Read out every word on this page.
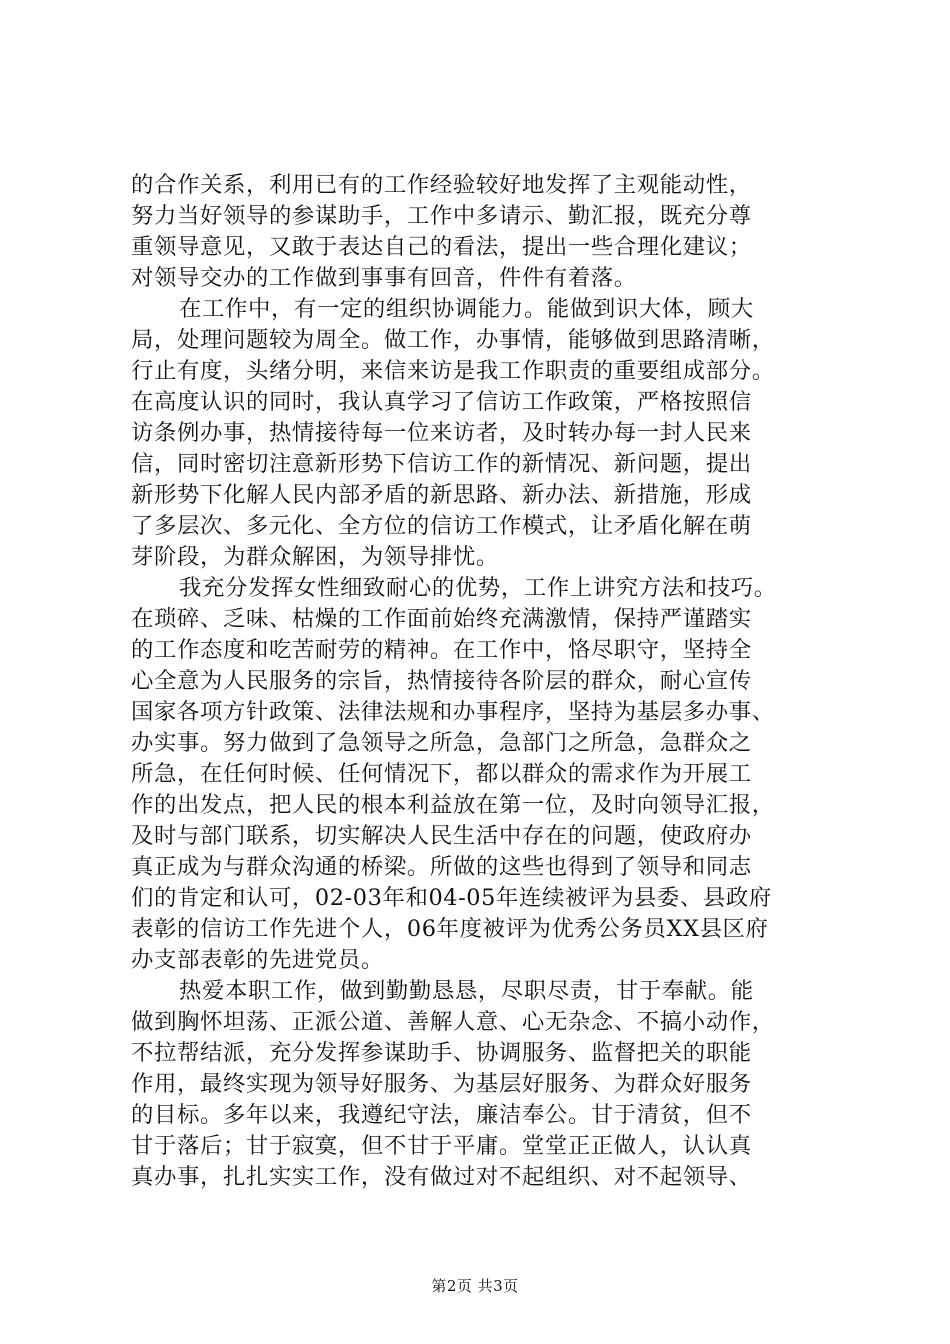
的合作关系，利用已有的工作经验较好地发挥了主观能动性，
努力当好领导的参谋助手，工作中多请示、勤汇报，既充分尊
重领导意见，又敢于表达自己的看法，提出一些合理化建议；
对领导交办的工作做到事事有回音，件件有着落。
在工作中，有一定的组织协调能力。能做到识大体，顾大
局，处理问题较为周全。做工作，办事情，能够做到思路清晰，
行止有度，头绪分明，来信来访是我工作职责的重要组成部分。
在高度认识的同时，我认真学习了信访工作政策，严格按照信
访条例办事，热情接待每一位来访者，及时转办每一封人民来
信，同时密切注意新形势下信访工作的新情况、新问题，提出
新形势下化解人民内部矛盾的新思路、新办法、新措施，形成
了多层次、多元化、全方位的信访工作模式，让矛盾化解在萌
芽阶段，为群众解困，为领导排忧。
我充分发挥女性细致耐心的优势，工作上讲究方法和技巧。
在琐碎、乏味、枯燥的工作面前始终充满激情，保持严谨踏实
的工作态度和吃苦耐劳的精神。在工作中，恪尽职守，坚持全
心全意为人民服务的宗旨，热情接待各阶层的群众，耐心宣传
国家各项方针政策、法律法规和办事程序，坚持为基层多办事、
办实事。努力做到了急领导之所急，急部门之所急，急群众之
所急，在任何时候、任何情况下，都以群众的需求作为开展工
作的出发点，把人民的根本利益放在第一位，及时向领导汇报，
及时与部门联系，切实解决人民生活中存在的问题，使政府办
真正成为与群众沟通的桥梁。所做的这些也得到了领导和同志
们的肯定和认可，02-03年和04-05年连续被评为县委、县政府
表彰的信访工作先进个人，06年度被评为优秀公务员XX县区府
办支部表彰的先进党员。
热爱本职工作，做到勤勤恳恳，尽职尽责，甘于奉献。能
做到胸怀坦荡、正派公道、善解人意、心无杂念、不搞小动作，
不拉帮结派，充分发挥参谋助手、协调服务、监督把关的职能
作用，最终实现为领导好服务、为基层好服务、为群众好服务
的目标。多年以来，我遵纪守法，廉洁奉公。甘于清贫，但不
甘于落后；甘于寂寞，但不甘于平庸。堂堂正正做人，认认真
真办事，扎扎实实工作，没有做过对不起组织、对不起领导、
第2页 共3页
